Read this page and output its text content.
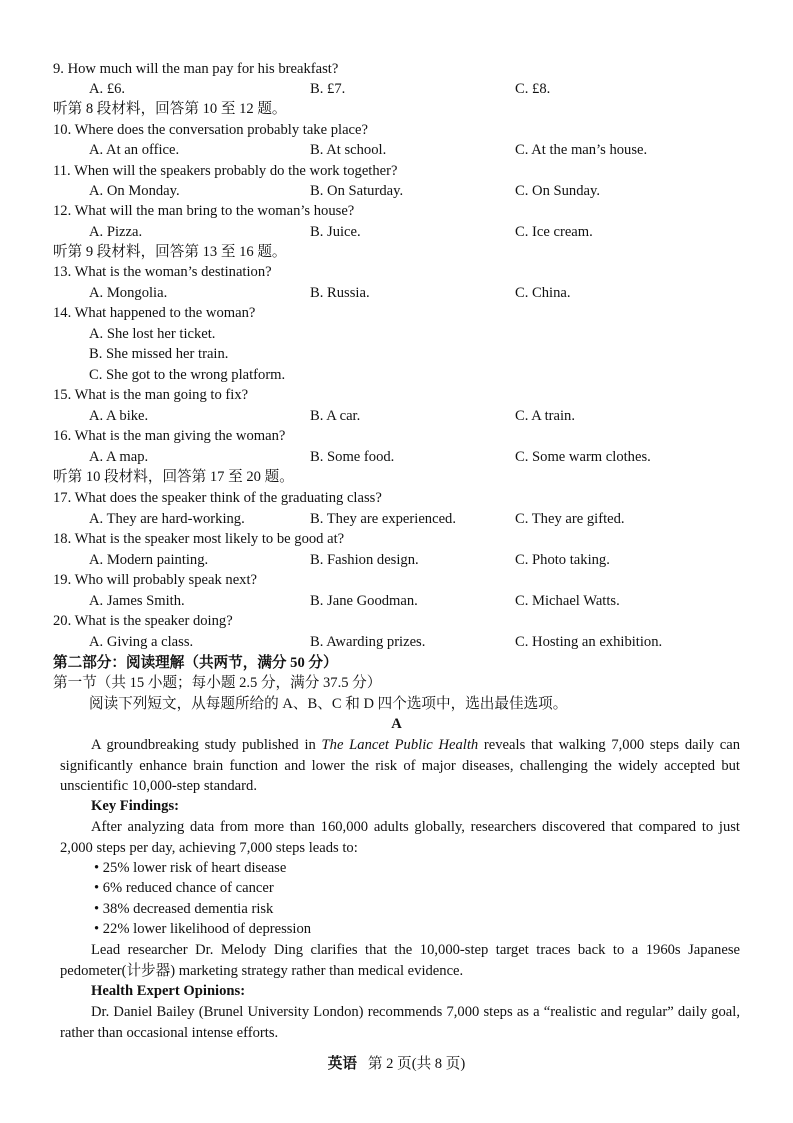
9. How much will the man pay for his breakfast?
A. £6.	B. £7.	C. £8.
听第 8 段材料，回答第 10 至 12 题。
10. Where does the conversation probably take place?
A. At an office.	B. At school.	C. At the man’s house.
11. When will the speakers probably do the work together?
A. On Monday.	B. On Saturday.	C. On Sunday.
12. What will the man bring to the woman’s house?
A. Pizza.	B. Juice.	C. Ice cream.
听第 9 段材料，回答第 13 至 16 题。
13. What is the woman’s destination?
A. Mongolia.	B. Russia.	C. China.
14. What happened to the woman?
A. She lost her ticket.
B. She missed her train.
C. She got to the wrong platform.
15. What is the man going to fix?
A. A bike.	B. A car.	C. A train.
16. What is the man giving the woman?
A. A map.	B. Some food.	C. Some warm clothes.
听第 10 段材料，回答第 17 至 20 题。
17. What does the speaker think of the graduating class?
A. They are hard-working.	B. They are experienced.	C. They are gifted.
18. What is the speaker most likely to be good at?
A. Modern painting.	B. Fashion design.	C. Photo taking.
19. Who will probably speak next?
A. James Smith.	B. Jane Goodman.	C. Michael Watts.
20. What is the speaker doing?
A. Giving a class.	B. Awarding prizes.	C. Hosting an exhibition.
第二部分：阅读理解（共两节，满分 50 分）
第一节（共 15 小题；每小题 2.5 分，满分 37.5 分）
阅读下列短文，从每题所给的 A、B、C 和 D 四个选项中，选出最佳选项。
A
A groundbreaking study published in The Lancet Public Health reveals that walking 7,000 steps daily can significantly enhance brain function and lower the risk of major diseases, challenging the widely accepted but unscientific 10,000-step standard.
Key Findings:
After analyzing data from more than 160,000 adults globally, researchers discovered that compared to just 2,000 steps per day, achieving 7,000 steps leads to:
• 25% lower risk of heart disease
• 6% reduced chance of cancer
• 38% decreased dementia risk
• 22% lower likelihood of depression
Lead researcher Dr. Melody Ding clarifies that the 10,000-step target traces back to a 1960s Japanese pedometer(计步器) marketing strategy rather than medical evidence.
Health Expert Opinions:
Dr. Daniel Bailey (Brunel University London) recommends 7,000 steps as a “realistic and regular” daily goal, rather than occasional intense efforts.
英语 第 2 页(共 8 页)
